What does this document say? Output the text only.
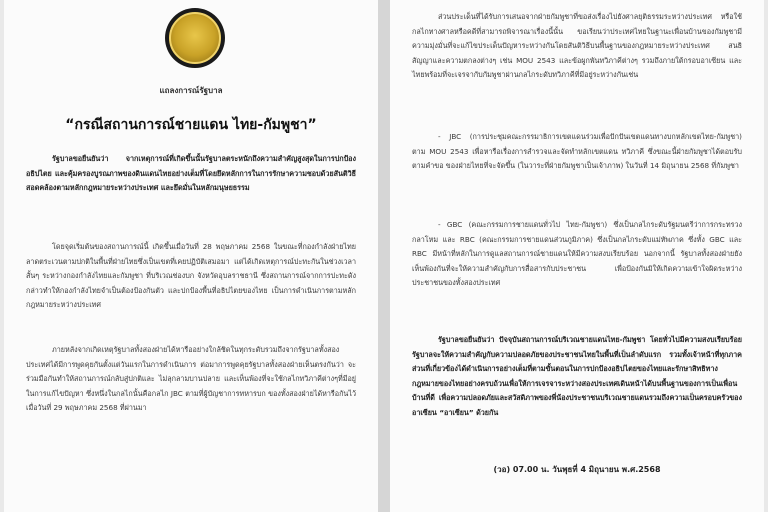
แถลงการณ์รัฐบาล
“กรณีสถานการณ์ชายแดน ไทย-กัมพูชา”

รัฐบาลขอยืนยันว่า จากเหตุการณ์ที่เกิดขึ้นนั้นรัฐบาลตระหนักถึงความสำคัญสูงสุดในการปกป้องอธิปไตย และคุ้มครองบูรณภาพของดินแดนไทยอย่างเต็มที่โดยยึดหลักการในการรักษาความชอบด้วยสันติวิธี สอดคล้องตามหลักกฎหมายระหว่างประเทศ และยึดมั่นในหลักมนุษยธรรม

โดยจุดเริ่มต้นของสถานการณ์นี้ เกิดขึ้นเมื่อวันที่ 28 พฤษภาคม 2568 ในขณะที่กองกำลังฝ่ายไทยลาดตระเวนตามปกติในพื้นที่ฝ่ายไทยซึ่งเป็นเขตที่เคยปฏิบัติเสมอมา แต่ได้เกิดเหตุการณ์ปะทะกันในช่วงเวลาสั้นๆ ระหว่างกองกำลังไทยและกัมพูชา ที่บริเวณช่องบก จังหวัดอุบลราชธานี ซึ่งสถานการณ์จากการปะทะดังกล่าวทำให้กองกำลังไทยจำเป็นต้องป้องกันตัว และปกป้องพื้นที่อธิปไตยของไทย เป็นการดำเนินการตามหลักกฎหมายระหว่างประเทศ

ภายหลังจากเกิดเหตุรัฐบาลทั้งสองฝ่ายได้หารืออย่างใกล้ชิดในทุกระดับรวมถึงจากรัฐบาลทั้งสองประเทศได้มีการพูดคุยกันตั้งแต่วันแรกในการดำเนินการ ต่อมาการพูดคุยรัฐบาลทั้งสองฝ่ายเห็นตรงกันว่า จะร่วมมือกันทำให้สถานการณ์กลับสู่ปกติและ ไม่ลุกลามบานปลาย และเห็นพ้องที่จะใช้กลไกทวิภาคีต่างๆที่มีอยู่ในการแก้ไขปัญหา ซึ่งหนึ่งในกลไกนั้นคือกลไก JBC ตามที่ผู้บัญชาการทหารบก ของทั้งสองฝ่ายได้หารือกันไว้เมื่อวันที่ 29 พฤษภาคม 2568 ที่ผ่านมา

ส่วนประเด็นที่ได้รับการเสนอจากฝ่ายกัมพูชาที่ขอส่งเรื่องไปยังศาลยุติธรรมระหว่างประเทศ หรือใช้กลไกทางศาลหรือคดีที่สามารถพิจารณาเรื่องนี้นั้น ขอเรียนว่าประเทศไทยในฐานะเพื่อนบ้านของกัมพูชามีความมุ่งมั่นที่จะแก้ไขประเด็นปัญหาระหว่างกันโดยสันติวิธีบนพื้นฐานของกฎหมายระหว่างประเทศ สนธิสัญญาและความตกลงต่างๆ เช่น MOU 2543 และข้อผูกพันทวิภาคีต่างๆ รวมถึงภายใต้กรอบอาเซียน และไทยพร้อมที่จะเจรจากับกัมพูชาผ่านกลไกระดับทวิภาคีที่มีอยู่ระหว่างกันเช่น

- JBC (การประชุมคณะกรรมาธิการเขตแดนร่วมเพื่อปักปันเขตแดนทางบกหลักเขตไทย-กัมพูชา) ตาม MOU 2543 เพื่อหารือเรื่องการสำรวจและจัดทำหลักเขตแดน ทวิภาคี ซึ่งขณะนี้ฝ่ายกัมพูชาได้ตอบรับตามคำขอ ของฝ่ายไทยที่จะจัดขึ้น (ในวาระที่ฝ่ายกัมพูชาเป็นเจ้าภาพ) ในวันที่ 14 มิถุนายน 2568 ที่กัมพูชา

- GBC (คณะกรรมการชายแดนทั่วไป ไทย-กัมพูชา) ซึ่งเป็นกลไกระดับรัฐมนตรีว่าการกระทรวงกลาโหม และ RBC (คณะกรรมการชายแดนส่วนภูมิภาค) ซึ่งเป็นกลไกระดับแม่ทัพภาค ซึ่งทั้ง GBC และ RBC มีหน้าที่หลักในการดูแลสถานการณ์ชายแดนให้มีความสงบเรียบร้อย นอกจากนี้ รัฐบาลทั้งสองฝ่ายยังเห็นพ้องกันที่จะให้ความสำคัญกับการสื่อสารกับประชาชน เพื่อป้องกันมิให้เกิดความเข้าใจผิดระหว่างประชาชนของทั้งสองประเทศ

รัฐบาลขอยืนยันว่า ปัจจุบันสถานการณ์บริเวณชายแดนไทย-กัมพูชา โดยทั่วไปมีความสงบเรียบร้อย รัฐบาลจะให้ความสำคัญกับความปลอดภัยของประชาชนไทยในพื้นที่เป็นลำดับแรก รวมทั้งเจ้าหน้าที่ทุกภาคส่วนที่เกี่ยวข้องได้ดำเนินการอย่างเต็มที่ตามขั้นตอนในการปกป้องอธิปไตยของไทยและรักษาสิทธิทางกฎหมายของไทยอย่างครบถ้วนเพื่อให้การเจรจาระหว่างสองประเทศเดินหน้าได้บนพื้นฐานของการเป็นเพื่อนบ้านที่ดี เพื่อความปลอดภัยและสวัสดิภาพของพี่น้องประชาชนบริเวณชายแดนรวมถึงความเป็นครอบครัวของอาเซียน “อาเซียน” ด้วยกัน

(วอ) 07.00 น. วันพุธที่ 4 มิถุนายน พ.ศ.2568
